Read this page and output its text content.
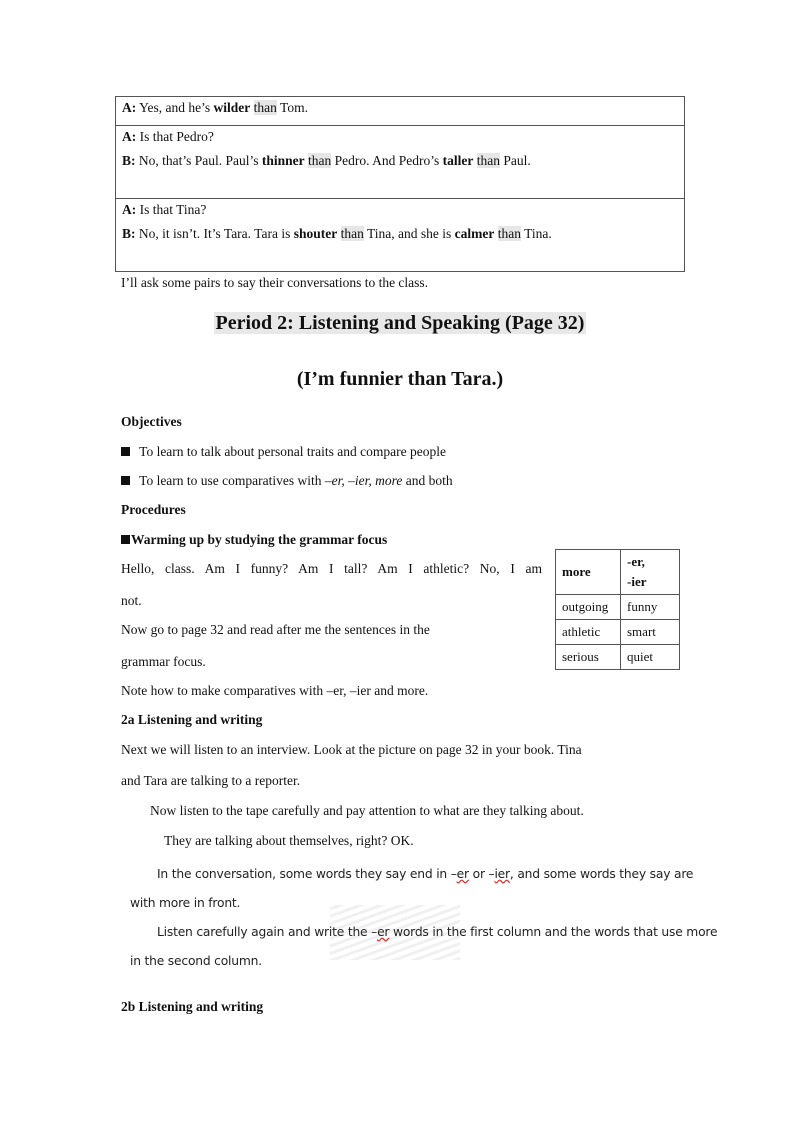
A: Yes, and he’s wilder than Tom.

A: Is that Pedro?
B: No, that’s Paul. Paul’s thinner than Pedro. And Pedro’s taller than Paul.

A: Is that Tina?
B: No, it isn’t. It’s Tara. Tara is shouter than Tina, and she is calmer than Tina.
I’ll ask some pairs to say their conversations to the class.
Period 2: Listening and Speaking (Page 32)
(I’m funnier than Tara.)
Objectives
To learn to talk about personal traits and compare people
To learn to use comparatives with –er, –ier, more and both
Procedures
Warming up by studying the grammar focus
Hello, class. Am I funny? Am I tall? Am I athletic? No, I am
not.
Now go to page 32 and read after me the sentences in the
grammar focus.
Note how to make comparatives with –er, –ier and more.
more	-er,
-ier

outgoing	funny
athletic	smart
serious	quiet
2a Listening and writing
Next we will listen to an interview. Look at the picture on page 32 in your book. Tina
and Tara are talking to a reporter.
Now listen to the tape carefully and pay attention to what are they talking about.
They are talking about themselves, right? OK.
In the conversation, some words they say end in –er or –ier, and some words they say are
with more in front.
Listen carefully again and write the –er words in the first column and the words that use more
in the second column.
2b Listening and writing
